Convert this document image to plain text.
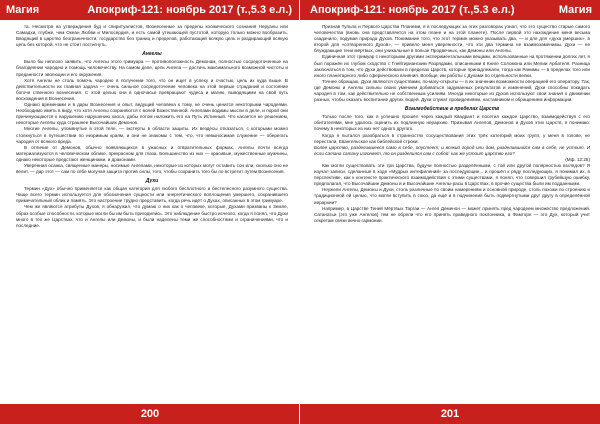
Магия	Апокриф-121: ноябрь 2017 (т.,5.3 е.л.)

та. Несмотря на утверждения буд и спиритуалистов, Вознесенные за пределы космического сознания Неруаны или Самадхи, глубже, чем Океан Любви и Милосердия, и есть самой утешающей пустотой, которую только можно вообразить. Вводящий в царство безграничности, государство без границ и пределов, работающий всякую цель и раздирающий всякую цепь без которой, что не стоит постигнуть.

Ангелы

Было бы неплохо заявить, что Ангелы этого гримуара — противоположность Демонам, полностью сосредоточенные на благодеянии чародею и помощь человечеству. На самом деле, цель Ангела — достичь максимального возможной чистоты и преданности эволюции и его окружения.

Хотя Ангелы не столь помочь чародею в получении того, что он ищет в успеху и счастью, цель их куда выше. В действительности их главная задача — очень сильное сосредоточение человека на этой первые страданий и состояние богоче ственного вознесения. С этой целью они в одночасье превращают чудеса и магию, выводящими на свой путь восхождения в Вознесения.

Однако временами и в дары Вознесения и опыт, ведущий человека к тому, не очень ценится некоторыми чародеями. Необходимо иметь в виду, что хотя Ангелы сохраняются с волей Божественной. Ангелами водимы мысли в деле, и порой они причинующаются к нарушению нарушению хаоса, дабы потом наложить его на Путь Истинный. Что касается не решением, некоторые Ангелы куда страшнее Высочайших Демонов.

Многие Ангелы, упомянутые в этой теле, — экстерты в области защиты. Их вездесы отказаться, с которыми можно столкнуться в путешествии по незримым краям, и они не знакомы с тем, что, что невыносимая служение — оберегать чародея от всякого вреда.

В отличие от Демонов, обычно появляющихся в ужасных и отвратительных формах, Ангелы почти всегда материализуются в человеческом облике, прекрасном для глаза. Большинство из них — красивые, мужественные мужчины, однако некоторые предстают женщинами, и драконами.

Уверенная осанка, священные манеры, носимые Ангелами, некоторые из которых могут оставить сон или, сколько оно не велит, — дар этот — сам по себе могучая защита против силы, того, чтобы сохранить того бы по встретит путем Вознесения.

Духи

Термин «Дух» обычно применяется как общая категория для любого бесплотного и бестелесного разумного существа. Чаще всего термин используется для обозначения сущности или энергетического воплощения умершего, сохранившего примечательный облик и память. Это настроение трудно представить, когда речь идёт о Духах, описанных в этом гримуаре.

Чем же являются атрибуты Духов, я обнаружил, что думаю о них как о человеке, которые, Духами призваны к Земле, образ особые способности, которые могли бы им быть пригодились. Это наблюдение быстро исчезло, когда я понял, что Духи много в тех же Царствах, что и Ангелы или Демоны, и были наделены теми же способностями и ограничениями, что и последние.

200
Апокриф-121: ноябрь 2017 (т.,5.3 е.л.)	Магия

Признав Тульпа и Первого Царства Планеми, я в последующих за этих разговорах узнал, что это существо старые самого человечества (вновь она представляется на этом плане и на этой планете). После первой это нахождение меня весьма озадачило, подумая природа Духов. Понимание того, что этот термин можно указывать два, — и для для «духа умерших», в второй для «сотворенного Духов», — привело меня уверенности, что эти два термина не взаимозаменимы. Духи — не блуждающие тени мёртвых, они уникальные в пользе Продвечных, как Демоны или Ангелы.

Единичная этот гримуар с некоторыми другими экспериментальными вещами, использованные на протяжении долгих лет, я был поражён их глубом сходство с Глейтирианским Разрядами, описанными в Книге Соломона или Мелии Арбателя. Разница заключаться в том, что Духи действовали в пределах Царств, которые принадлежали, тогда как Ранимы — в пределах того или иного планетарного либо сферического влияния. Вообще, им работы с Духами по отдельности велки.

Точнее обращаю, Духи являются существами, по-магу-открыты — в их значении возможности операцией его оператору. Так, где Демоны и Ангелы сильны своих умением добиваться задуманных результатов и изменений, Духи способны покидать чародея в том, как действительно не собственным усилиям. Иногда некоторые из Духов используют свои знания о движении разных, чтобы оказать воспитание других людей. Духи служат провидениями, наставником и обращением информации.

Взаимодействие в пределах Царств

Только после того, как я успешно прошёл через каждый Квадрант и посетил каждое Царство, взаимодействуя с его обитателями, мне удалось оценить их подлинную нерархию. Призывая Ангелов, Демонов и Духов этих Царств, я понимаю: почему в некоторых из них нет одного другого.

Когда я пытался разобраться в странностях сосуществования этих трёх категорий моих групп, у меня в голове, не перестали, Евангельское как библейской строки:

Более царство, разделившееся само в себе, опустеет; и всякий город или дом, разделившийся сам в себе, не устоит. И если сатана сатану изгоняет, то он разделился сам с собой: как же устоит царство его?

(Мф. 12:25)

Как могли существовать эти три Царства, будучи полностью разделёнными, с той или другой полярностью взглядов? Я изучал записи, сделанные в ходе «Мудрых интефилений» за последующие... и прошёл к ряду последующих, я понимал их, в перспективе, как к контексте практического взаимодействия с этими существами, я понял, что совершил грубейшую ошибку, предполагая, что Высочайшие Демоны и и Высочайшие Ангелы-расы в Царствах, в прочие существа были им подданными.

Неужели Ангелы, Демоны и Духи, столь различные по своим намерениям и основной природе, столь похожи по строению и традиционной ей целью, что могли вступить в союз, да ещё и в подчинения быть подвергнутыми друг другу в определённой иерархии?

Например, в Царстве Теней Мёртвых Таргаи — Ангел Деменон — может принять пред чародеем множество предложений. Сатанатьи (это уже Ангелов) тем не обрели что его принять праведного поклонника, а Фамторн — это Дух, который учит секретам связи вечно гармонии.

201
